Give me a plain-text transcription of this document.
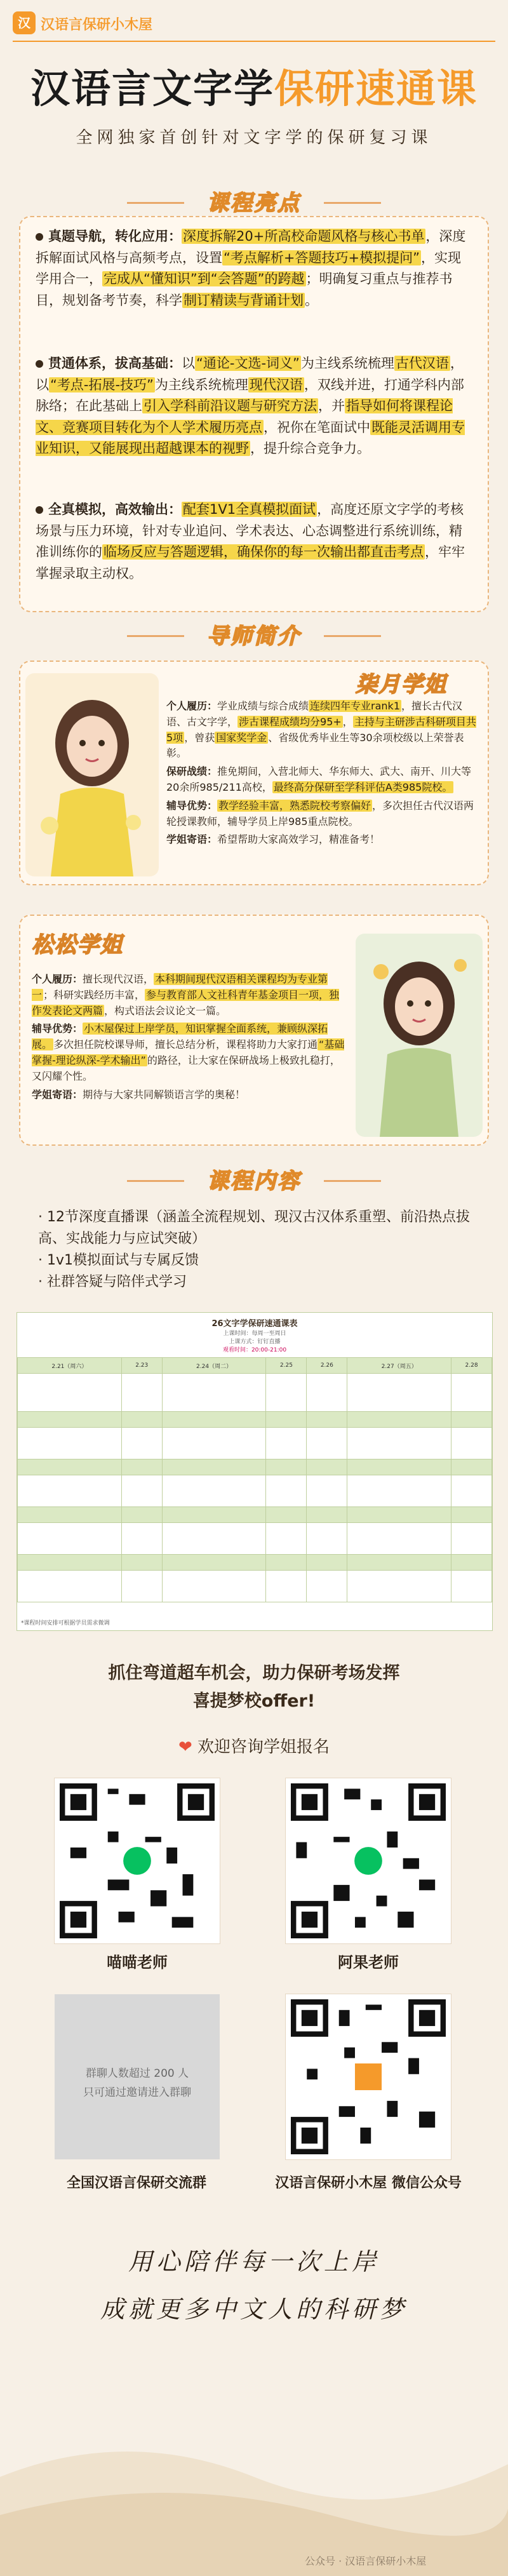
汉 汉语言保研小木屋
汉语言文字学保研速通课
全网独家首创针对文字学的保研复习课
课程亮点
真题导航，转化应用：深度拆解20+所高校命题风格与核心书单，深度拆解面试风格与高频考点，设置“考点解析+答题技巧+模拟提问”，实现学用合一，完成从“懂知识”到“会答题”的跨越；明确复习重点与推荐书目，规划备考节奏，科学制订精读与背诵计划。
贯通体系，拔高基础：以“通论-文选-词义”为主线系统梳理古代汉语，以“考点-拓展-技巧”为主线系统梳理现代汉语，双线并进，打通学科内部脉络；在此基础上引入学科前沿议题与研究方法，并指导如何将课程论文、竞赛项目转化为个人学术履历亮点，祝你在笔面试中既能灵活调用专业知识，又能展现出超越课本的视野，提升综合竞争力。
全真模拟，高效输出：配套1V1全真模拟面试，高度还原文字学的考核场景与压力环境，针对专业追问、学术表达、心态调整进行系统训练，精准训练你的临场反应与答题逻辑，确保你的每一次输出都直击考点，牢牢掌握录取主动权。
导师简介
柒月学姐
个人履历：学业成绩与综合成绩 连续四年专业rank1 ，擅长古代汉语、古文字学， 涉古课程成绩均分95+ ， 主持与主研涉古科研项目共5项 ，曾获 国家奖学金 、省级优秀毕业生等30余项校级以上荣誉表彰。
保研战绩：推免期间，入营北师大、华东师大、武大、南开、川大等20余所985/211高校， 最终高分保研至学科评估A类985院校。
辅导优势： 教学经验丰富，熟悉院校考察偏好 ，多次担任古代汉语两轮授课教师，辅导学员上岸985重点院校。
学姐寄语：希望帮助大家高效学习，精准备考！
松松学姐
个人履历：擅长现代汉语， 本科期间现代汉语相关课程均为专业第一 ；科研实践经历丰富， 参与教育部人文社科青年基金项目一项，独作发表论文两篇 ，构式语法会议论文一篇。
辅导优势： 小木屋保过上岸学员，知识掌握全面系统，兼顾纵深拓展。 多次担任院校课导师，擅长总结分析，课程将助力大家打通 “基础掌握-理论纵深-学术输出” 的路径，让大家在保研战场上极致扎稳打，又闪耀个性。
学姐寄语：期待与大家共同解锁语言学的奥秘！
课程内容
· 12节深度直播课（涵盖全流程规划、现汉古汉体系重塑、前沿热点拔高、实战能力与应试突破）
· 1v1模拟面试与专属反馈
· 社群答疑与陪伴式学习
26文字学保研速通课表
上课时间：每周一至周日
上课方式：钉钉直播
观看时间：20:00-21:00
2.21（周六）	2.23	2.24（周二）	2.25	2.26	2.27（周五）	2.28

*课程时间安排可根据学员需求微调
抓住弯道超车机会，助力保研考场发挥
喜提梦校offer!
❤ 欢迎咨询学姐报名
喵喵老师	阿果老师
群聊人数超过 200 人
只可通过邀请进入群聊
全国汉语言保研交流群	汉语言保研小木屋 微信公众号
用心陪伴每一次上岸
成就更多中文人的科研梦
公众号 · 汉语言保研小木屋
